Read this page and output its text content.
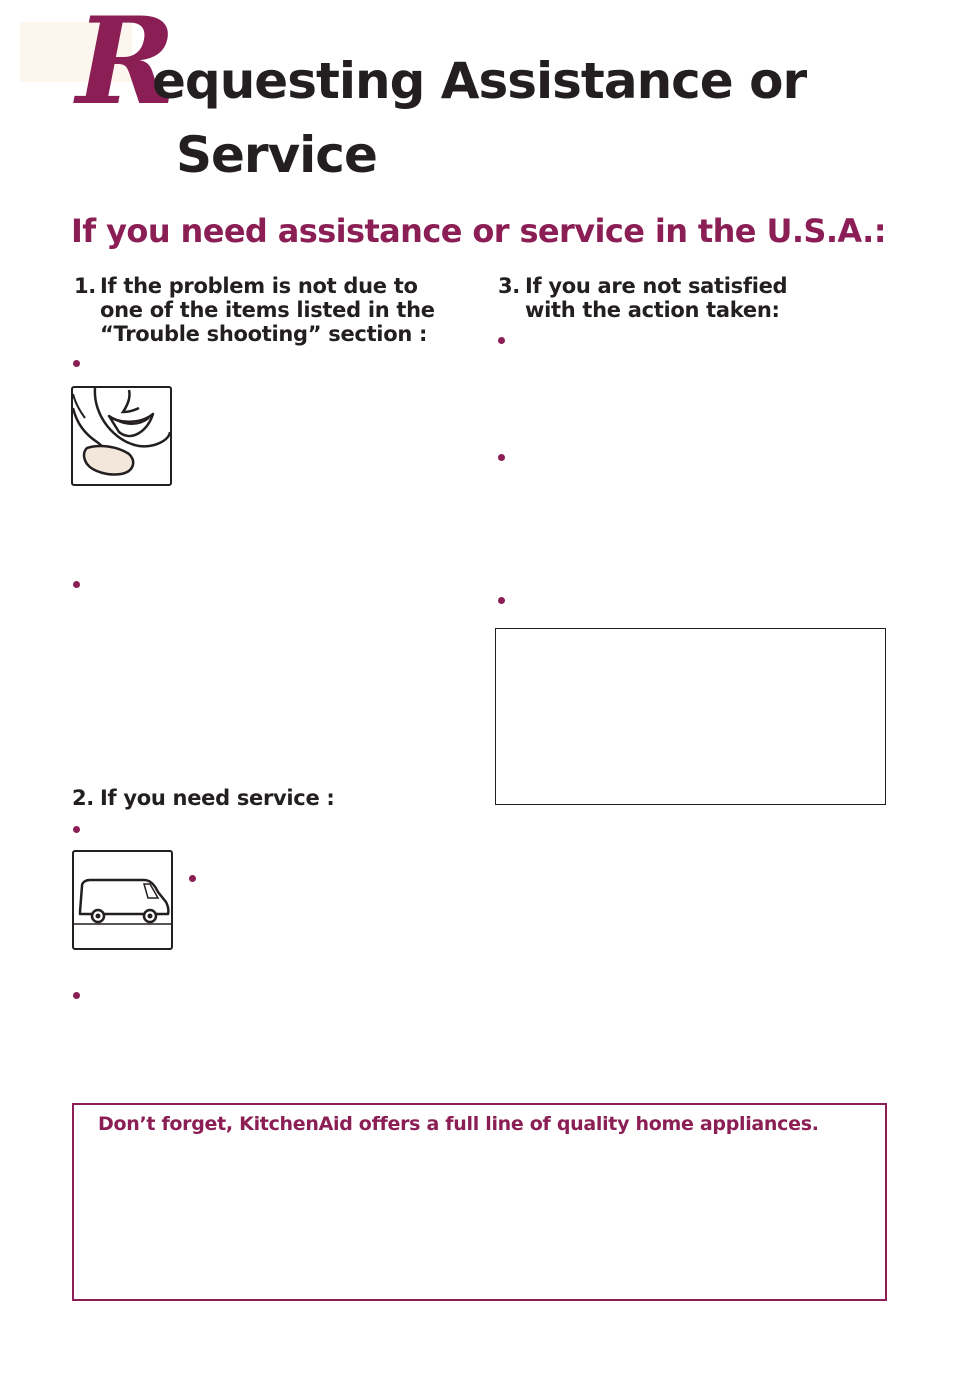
R
equesting Assistance or
Service
If you need assistance or service in the U.S.A.:
1. If the problem is not due to
one of the items listed in the
“Trouble shooting” section :
2. If you need service :
3. If you are not satisfied
with the action taken:
Don’t forget, KitchenAid offers a full line of quality home appliances.
